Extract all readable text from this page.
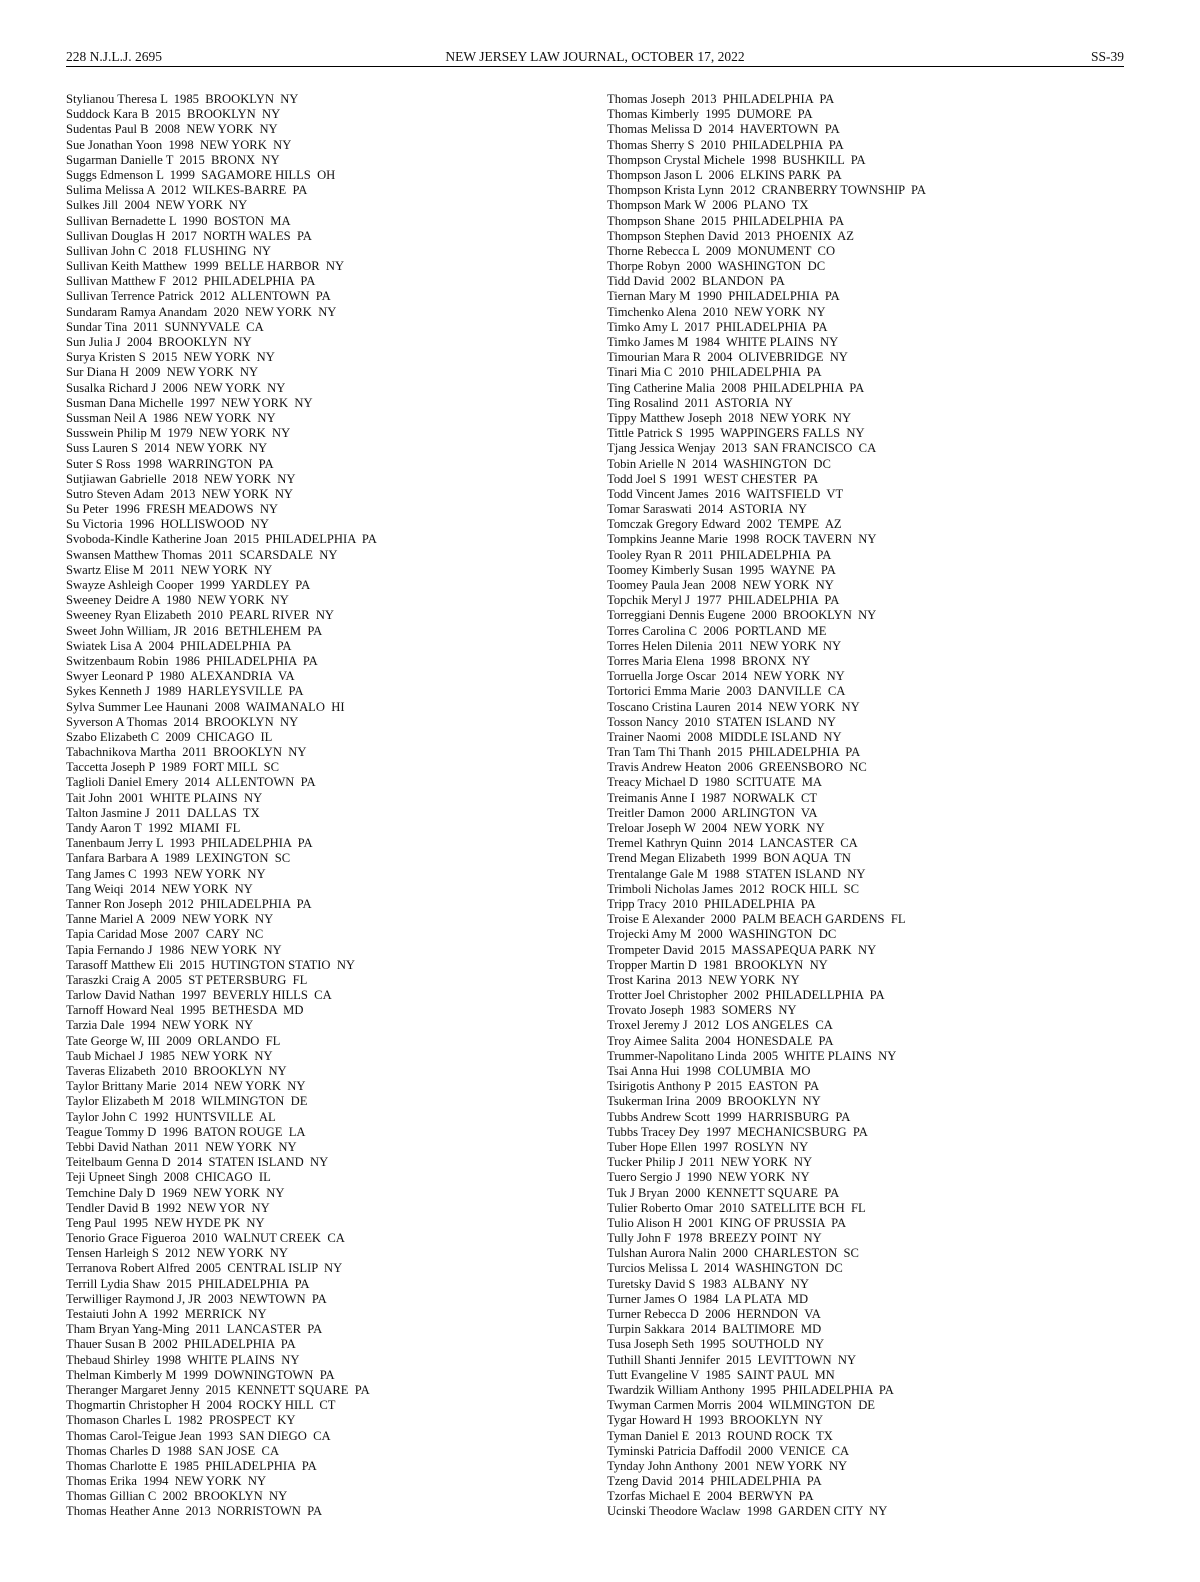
NEW JERSEY LAW JOURNAL, OCTOBER 17, 2022
228 N.J.L.J. 2695	SS-39
Stylianou Theresa L  1985  BROOKLYN  NY
Suddock Kara B  2015  BROOKLYN  NY
Sudentas Paul B  2008  NEW YORK  NY
Sue Jonathan Yoon  1998  NEW YORK  NY
Sugarman Danielle T  2015  BRONX  NY
Suggs Edmenson L  1999  SAGAMORE HILLS  OH
Sulima Melissa A  2012  WILKES-BARRE  PA
Sulkes Jill  2004  NEW YORK  NY
Sullivan Bernadette L  1990  BOSTON  MA
Sullivan Douglas H  2017  NORTH WALES  PA
Sullivan John C  2018  FLUSHING  NY
Sullivan Keith Matthew  1999  BELLE HARBOR  NY
Sullivan Matthew F  2012  PHILADELPHIA  PA
Sullivan Terrence Patrick  2012  ALLENTOWN  PA
Sundaram Ramya Anandam  2020  NEW YORK  NY
Sundar Tina  2011  SUNNYVALE  CA
Sun Julia J  2004  BROOKLYN  NY
Surya Kristen S  2015  NEW YORK  NY
Sur Diana H  2009  NEW YORK  NY
Susalka Richard J  2006  NEW YORK  NY
Susman Dana Michelle  1997  NEW YORK  NY
Sussman Neil A  1986  NEW YORK  NY
Susswein Philip M  1979  NEW YORK  NY
Suss Lauren S  2014  NEW YORK  NY
Suter S Ross  1998  WARRINGTON  PA
Sutjiawan Gabrielle  2018  NEW YORK  NY
Sutro Steven Adam  2013  NEW YORK  NY
Su Peter  1996  FRESH MEADOWS  NY
Su Victoria  1996  HOLLISWOOD  NY
Svoboda-Kindle Katherine Joan  2015  PHILADELPHIA  PA
Swansen Matthew Thomas  2011  SCARSDALE  NY
Swartz Elise M  2011  NEW YORK  NY
Swayze Ashleigh Cooper  1999  YARDLEY  PA
Sweeney Deidre A  1980  NEW YORK  NY
Sweeney Ryan Elizabeth  2010  PEARL RIVER  NY
Sweet John William, JR  2016  BETHLEHEM  PA
Swiatek Lisa A  2004  PHILADELPHIA  PA
Switzenbaum Robin  1986  PHILADELPHIA  PA
Swyer Leonard P  1980  ALEXANDRIA  VA
Sykes Kenneth J  1989  HARLEYSVILLE  PA
Sylva Summer Lee Haunani  2008  WAIMANALO  HI
Syverson A Thomas  2014  BROOKLYN  NY
Szabo Elizabeth C  2009  CHICAGO  IL
Tabachnikova Martha  2011  BROOKLYN  NY
Taccetta Joseph P  1989  FORT MILL  SC
Taglioli Daniel Emery  2014  ALLENTOWN  PA
Tait John  2001  WHITE PLAINS  NY
Talton Jasmine J  2011  DALLAS  TX
Tandy Aaron T  1992  MIAMI  FL
Tanenbaum Jerry L  1993  PHILADELPHIA  PA
Tanfara Barbara A  1989  LEXINGTON  SC
Tang James C  1993  NEW YORK  NY
Tang Weiqi  2014  NEW YORK  NY
Tanner Ron Joseph  2012  PHILADELPHIA  PA
Tanne Mariel A  2009  NEW YORK  NY
Tapia Caridad Mose  2007  CARY  NC
Tapia Fernando J  1986  NEW YORK  NY
Tarasoff Matthew Eli  2015  HUTINGTON STATIO  NY
Taraszki Craig A  2005  ST PETERSBURG  FL
Tarlow David Nathan  1997  BEVERLY HILLS  CA
Tarnoff Howard Neal  1995  BETHESDA  MD
Tarzia Dale  1994  NEW YORK  NY
Tate George W, III  2009  ORLANDO  FL
Taub Michael J  1985  NEW YORK  NY
Taveras Elizabeth  2010  BROOKLYN  NY
Taylor Brittany Marie  2014  NEW YORK  NY
Taylor Elizabeth M  2018  WILMINGTON  DE
Taylor John C  1992  HUNTSVILLE  AL
Teague Tommy D  1996  BATON ROUGE  LA
Tebbi David Nathan  2011  NEW YORK  NY
Teitelbaum Genna D  2014  STATEN ISLAND  NY
Teji Upneet Singh  2008  CHICAGO  IL
Temchine Daly D  1969  NEW YORK  NY
Tendler David B  1992  NEW YOR  NY
Teng Paul  1995  NEW HYDE PK  NY
Tenorio Grace Figueroa  2010  WALNUT CREEK  CA
Tensen Harleigh S  2012  NEW YORK  NY
Terranova Robert Alfred  2005  CENTRAL ISLIP  NY
Terrill Lydia Shaw  2015  PHILADELPHIA  PA
Terwilliger Raymond J, JR  2003  NEWTOWN  PA
Testaiuti John A  1992  MERRICK  NY
Tham Bryan Yang-Ming  2011  LANCASTER  PA
Thauer Susan B  2002  PHILADELPHIA  PA
Thebaud Shirley  1998  WHITE PLAINS  NY
Thelman Kimberly M  1999  DOWNINGTOWN  PA
Theranger Margaret Jenny  2015  KENNETT SQUARE  PA
Thogmartin Christopher H  2004  ROCKY HILL  CT
Thomason Charles L  1982  PROSPECT  KY
Thomas Carol-Teigue Jean  1993  SAN DIEGO  CA
Thomas Charles D  1988  SAN JOSE  CA
Thomas Charlotte E  1985  PHILADELPHIA  PA
Thomas Erika  1994  NEW YORK  NY
Thomas Gillian C  2002  BROOKLYN  NY
Thomas Heather Anne  2013  NORRISTOWN  PA
Thomas Joseph  2013  PHILADELPHIA  PA
Thomas Kimberly  1995  DUMORE  PA
Thomas Melissa D  2014  HAVERTOWN  PA
Thomas Sherry S  2010  PHILADELPHIA  PA
Thompson Crystal Michele  1998  BUSHKILL  PA
Thompson Jason L  2006  ELKINS PARK  PA
Thompson Krista Lynn  2012  CRANBERRY TOWNSHIP  PA
Thompson Mark W  2006  PLANO  TX
Thompson Shane  2015  PHILADELPHIA  PA
Thompson Stephen David  2013  PHOENIX  AZ
Thorne Rebecca L  2009  MONUMENT  CO
Thorpe Robyn  2000  WASHINGTON  DC
Tidd David  2002  BLANDON  PA
Tiernan Mary M  1990  PHILADELPHIA  PA
Timchenko Alena  2010  NEW YORK  NY
Timko Amy L  2017  PHILADELPHIA  PA
Timko James M  1984  WHITE PLAINS  NY
Timourian Mara R  2004  OLIVEBRIDGE  NY
Tinari Mia C  2010  PHILADELPHIA  PA
Ting Catherine Malia  2008  PHILADELPHIA  PA
Ting Rosalind  2011  ASTORIA  NY
Tippy Matthew Joseph  2018  NEW YORK  NY
Tittle Patrick S  1995  WAPPINGERS FALLS  NY
Tjang Jessica Wenjay  2013  SAN FRANCISCO  CA
Tobin Arielle N  2014  WASHINGTON  DC
Todd Joel S  1991  WEST CHESTER  PA
Todd Vincent James  2016  WAITSFIELD  VT
Tomar Saraswati  2014  ASTORIA  NY
Tomczak Gregory Edward  2002  TEMPE  AZ
Tompkins Jeanne Marie  1998  ROCK TAVERN  NY
Tooley Ryan R  2011  PHILADELPHIA  PA
Toomey Kimberly Susan  1995  WAYNE  PA
Toomey Paula Jean  2008  NEW YORK  NY
Topchik Meryl J  1977  PHILADELPHIA  PA
Torreggiani Dennis Eugene  2000  BROOKLYN  NY
Torres Carolina C  2006  PORTLAND  ME
Torres Helen Dilenia  2011  NEW YORK  NY
Torres Maria Elena  1998  BRONX  NY
Torruella Jorge Oscar  2014  NEW YORK  NY
Tortorici Emma Marie  2003  DANVILLE  CA
Toscano Cristina Lauren  2014  NEW YORK  NY
Tosson Nancy  2010  STATEN ISLAND  NY
Trainer Naomi  2008  MIDDLE ISLAND  NY
Tran Tam Thi Thanh  2015  PHILADELPHIA  PA
Travis Andrew Heaton  2006  GREENSBORO  NC
Treacy Michael D  1980  SCITUATE  MA
Treimanis Anne I  1987  NORWALK  CT
Treitler Damon  2000  ARLINGTON  VA
Treloar Joseph W  2004  NEW YORK  NY
Tremel Kathryn Quinn  2014  LANCASTER  CA
Trend Megan Elizabeth  1999  BON AQUA  TN
Trentalange Gale M  1988  STATEN ISLAND  NY
Trimboli Nicholas James  2012  ROCK HILL  SC
Tripp Tracy  2010  PHILADELPHIA  PA
Troise E Alexander  2000  PALM BEACH GARDENS  FL
Trojecki Amy M  2000  WASHINGTON  DC
Trompeter David  2015  MASSAPEQUA PARK  NY
Tropper Martin D  1981  BROOKLYN  NY
Trost Karina  2013  NEW YORK  NY
Trotter Joel Christopher  2002  PHILADELLPHIA  PA
Trovato Joseph  1983  SOMERS  NY
Troxel Jeremy J  2012  LOS ANGELES  CA
Troy Aimee Salita  2004  HONESDALE  PA
Trummer-Napolitano Linda  2005  WHITE PLAINS  NY
Tsai Anna Hui  1998  COLUMBIA  MO
Tsirigotis Anthony P  2015  EASTON  PA
Tsukerman Irina  2009  BROOKLYN  NY
Tubbs Andrew Scott  1999  HARRISBURG  PA
Tubbs Tracey Dey  1997  MECHANICSBURG  PA
Tuber Hope Ellen  1997  ROSLYN  NY
Tucker Philip J  2011  NEW YORK  NY
Tuero Sergio J  1990  NEW YORK  NY
Tuk J Bryan  2000  KENNETT SQUARE  PA
Tulier Roberto Omar  2010  SATELLITE BCH  FL
Tulio Alison H  2001  KING OF PRUSSIA  PA
Tully John F  1978  BREEZY POINT  NY
Tulshan Aurora Nalin  2000  CHARLESTON  SC
Turcios Melissa L  2014  WASHINGTON  DC
Turetsky David S  1983  ALBANY  NY
Turner James O  1984  LA PLATA  MD
Turner Rebecca D  2006  HERNDON  VA
Turpin Sakkara  2014  BALTIMORE  MD
Tusa Joseph Seth  1995  SOUTHOLD  NY
Tuthill Shanti Jennifer  2015  LEVITTOWN  NY
Tutt Evangeline V  1985  SAINT PAUL  MN
Twardzik William Anthony  1995  PHILADELPHIA  PA
Twyman Carmen Morris  2004  WILMINGTON  DE
Tygar Howard H  1993  BROOKLYN  NY
Tyman Daniel E  2013  ROUND ROCK  TX
Tyminski Patricia Daffodil  2000  VENICE  CA
Tynday John Anthony  2001  NEW YORK  NY
Tzeng David  2014  PHILADELPHIA  PA
Tzorfas Michael E  2004  BERWYN  PA
Ucinski Theodore Waclaw  1998  GARDEN CITY  NY
